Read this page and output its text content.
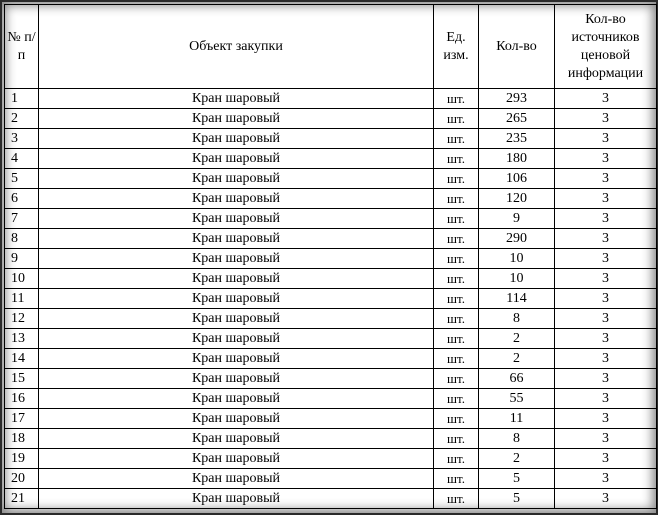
№ п/п	Объект закупки	Ед. изм.	Кол-во	Кол-во источников ценовой информации
1	Кран шаровый	шт.	293	3
2	Кран шаровый	шт.	265	3
3	Кран шаровый	шт.	235	3
4	Кран шаровый	шт.	180	3
5	Кран шаровый	шт.	106	3
6	Кран шаровый	шт.	120	3
7	Кран шаровый	шт.	9	3
8	Кран шаровый	шт.	290	3
9	Кран шаровый	шт.	10	3
10	Кран шаровый	шт.	10	3
11	Кран шаровый	шт.	114	3
12	Кран шаровый	шт.	8	3
13	Кран шаровый	шт.	2	3
14	Кран шаровый	шт.	2	3
15	Кран шаровый	шт.	66	3
16	Кран шаровый	шт.	55	3
17	Кран шаровый	шт.	11	3
18	Кран шаровый	шт.	8	3
19	Кран шаровый	шт.	2	3
20	Кран шаровый	шт.	5	3
21	Кран шаровый	шт.	5	3
